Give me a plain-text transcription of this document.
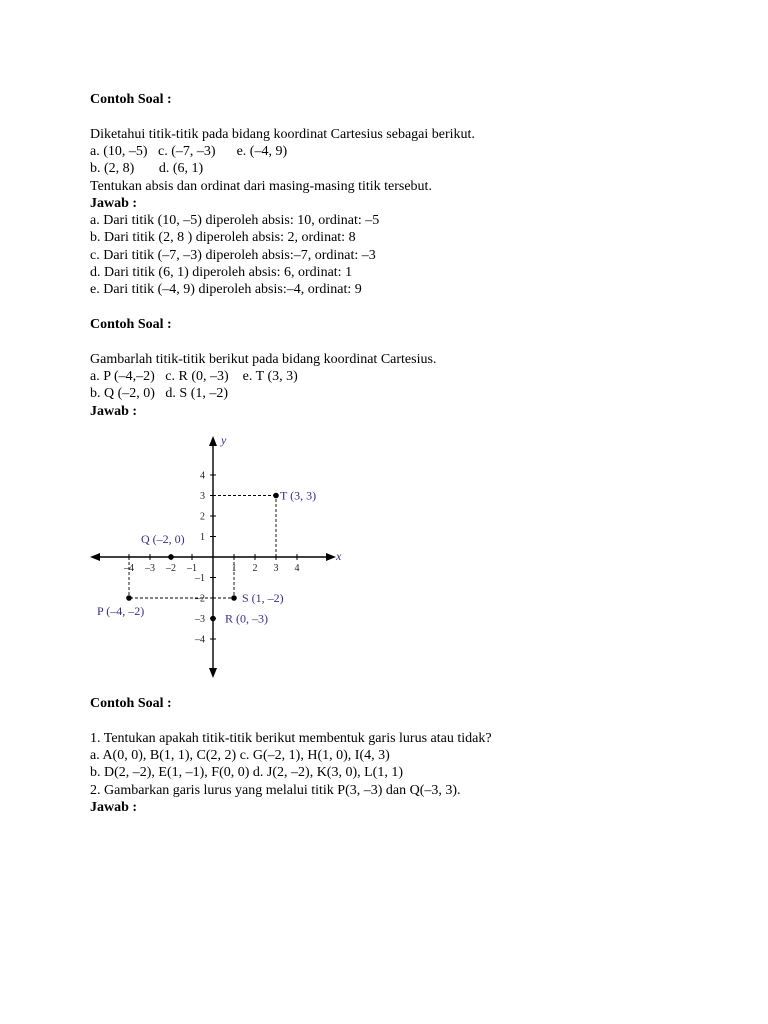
Contoh Soal :
Diketahui titik-titik pada bidang koordinat Cartesius sebagai berikut.
a. (10, –5)   c. (–7, –3)      e. (–4, 9)
b. (2, 8)       d. (6, 1)
Tentukan absis dan ordinat dari masing-masing titik tersebut.
Jawab :
a. Dari titik (10, –5) diperoleh absis: 10, ordinat: –5
b. Dari titik (2, 8 ) diperoleh absis: 2, ordinat: 8
c. Dari titik (–7, –3) diperoleh absis:–7, ordinat: –3
d. Dari titik (6, 1) diperoleh absis: 6, ordinat: 1
e. Dari titik (–4, 9) diperoleh absis:–4, ordinat: 9
Contoh Soal :
Gambarlah titik-titik berikut pada bidang koordinat Cartesius.
a. P (–4,–2)   c. R (0, –3)    e. T (3, 3)
b. Q (–2, 0)   d. S (1, –2)
Jawab :
Contoh Soal :
1. Tentukan apakah titik-titik berikut membentuk garis lurus atau tidak?
a. A(0, 0), B(1, 1), C(2, 2) c. G(–2, 1), H(1, 0), I(4, 3)
b. D(2, –2), E(1, –1), F(0, 0) d. J(2, –2), K(3, 0), L(1, 1)
2. Gambarkan garis lurus yang melalui titik P(3, –3) dan Q(–3, 3).
Jawab :
x
y
–4 –3 –2 –1	1 2 3 4
4
3
2
1
–1
–2
–3
–4
P (–4, –2)
Q (–2, 0)
R (0, –3)
S (1, –2)
T (3, 3)
